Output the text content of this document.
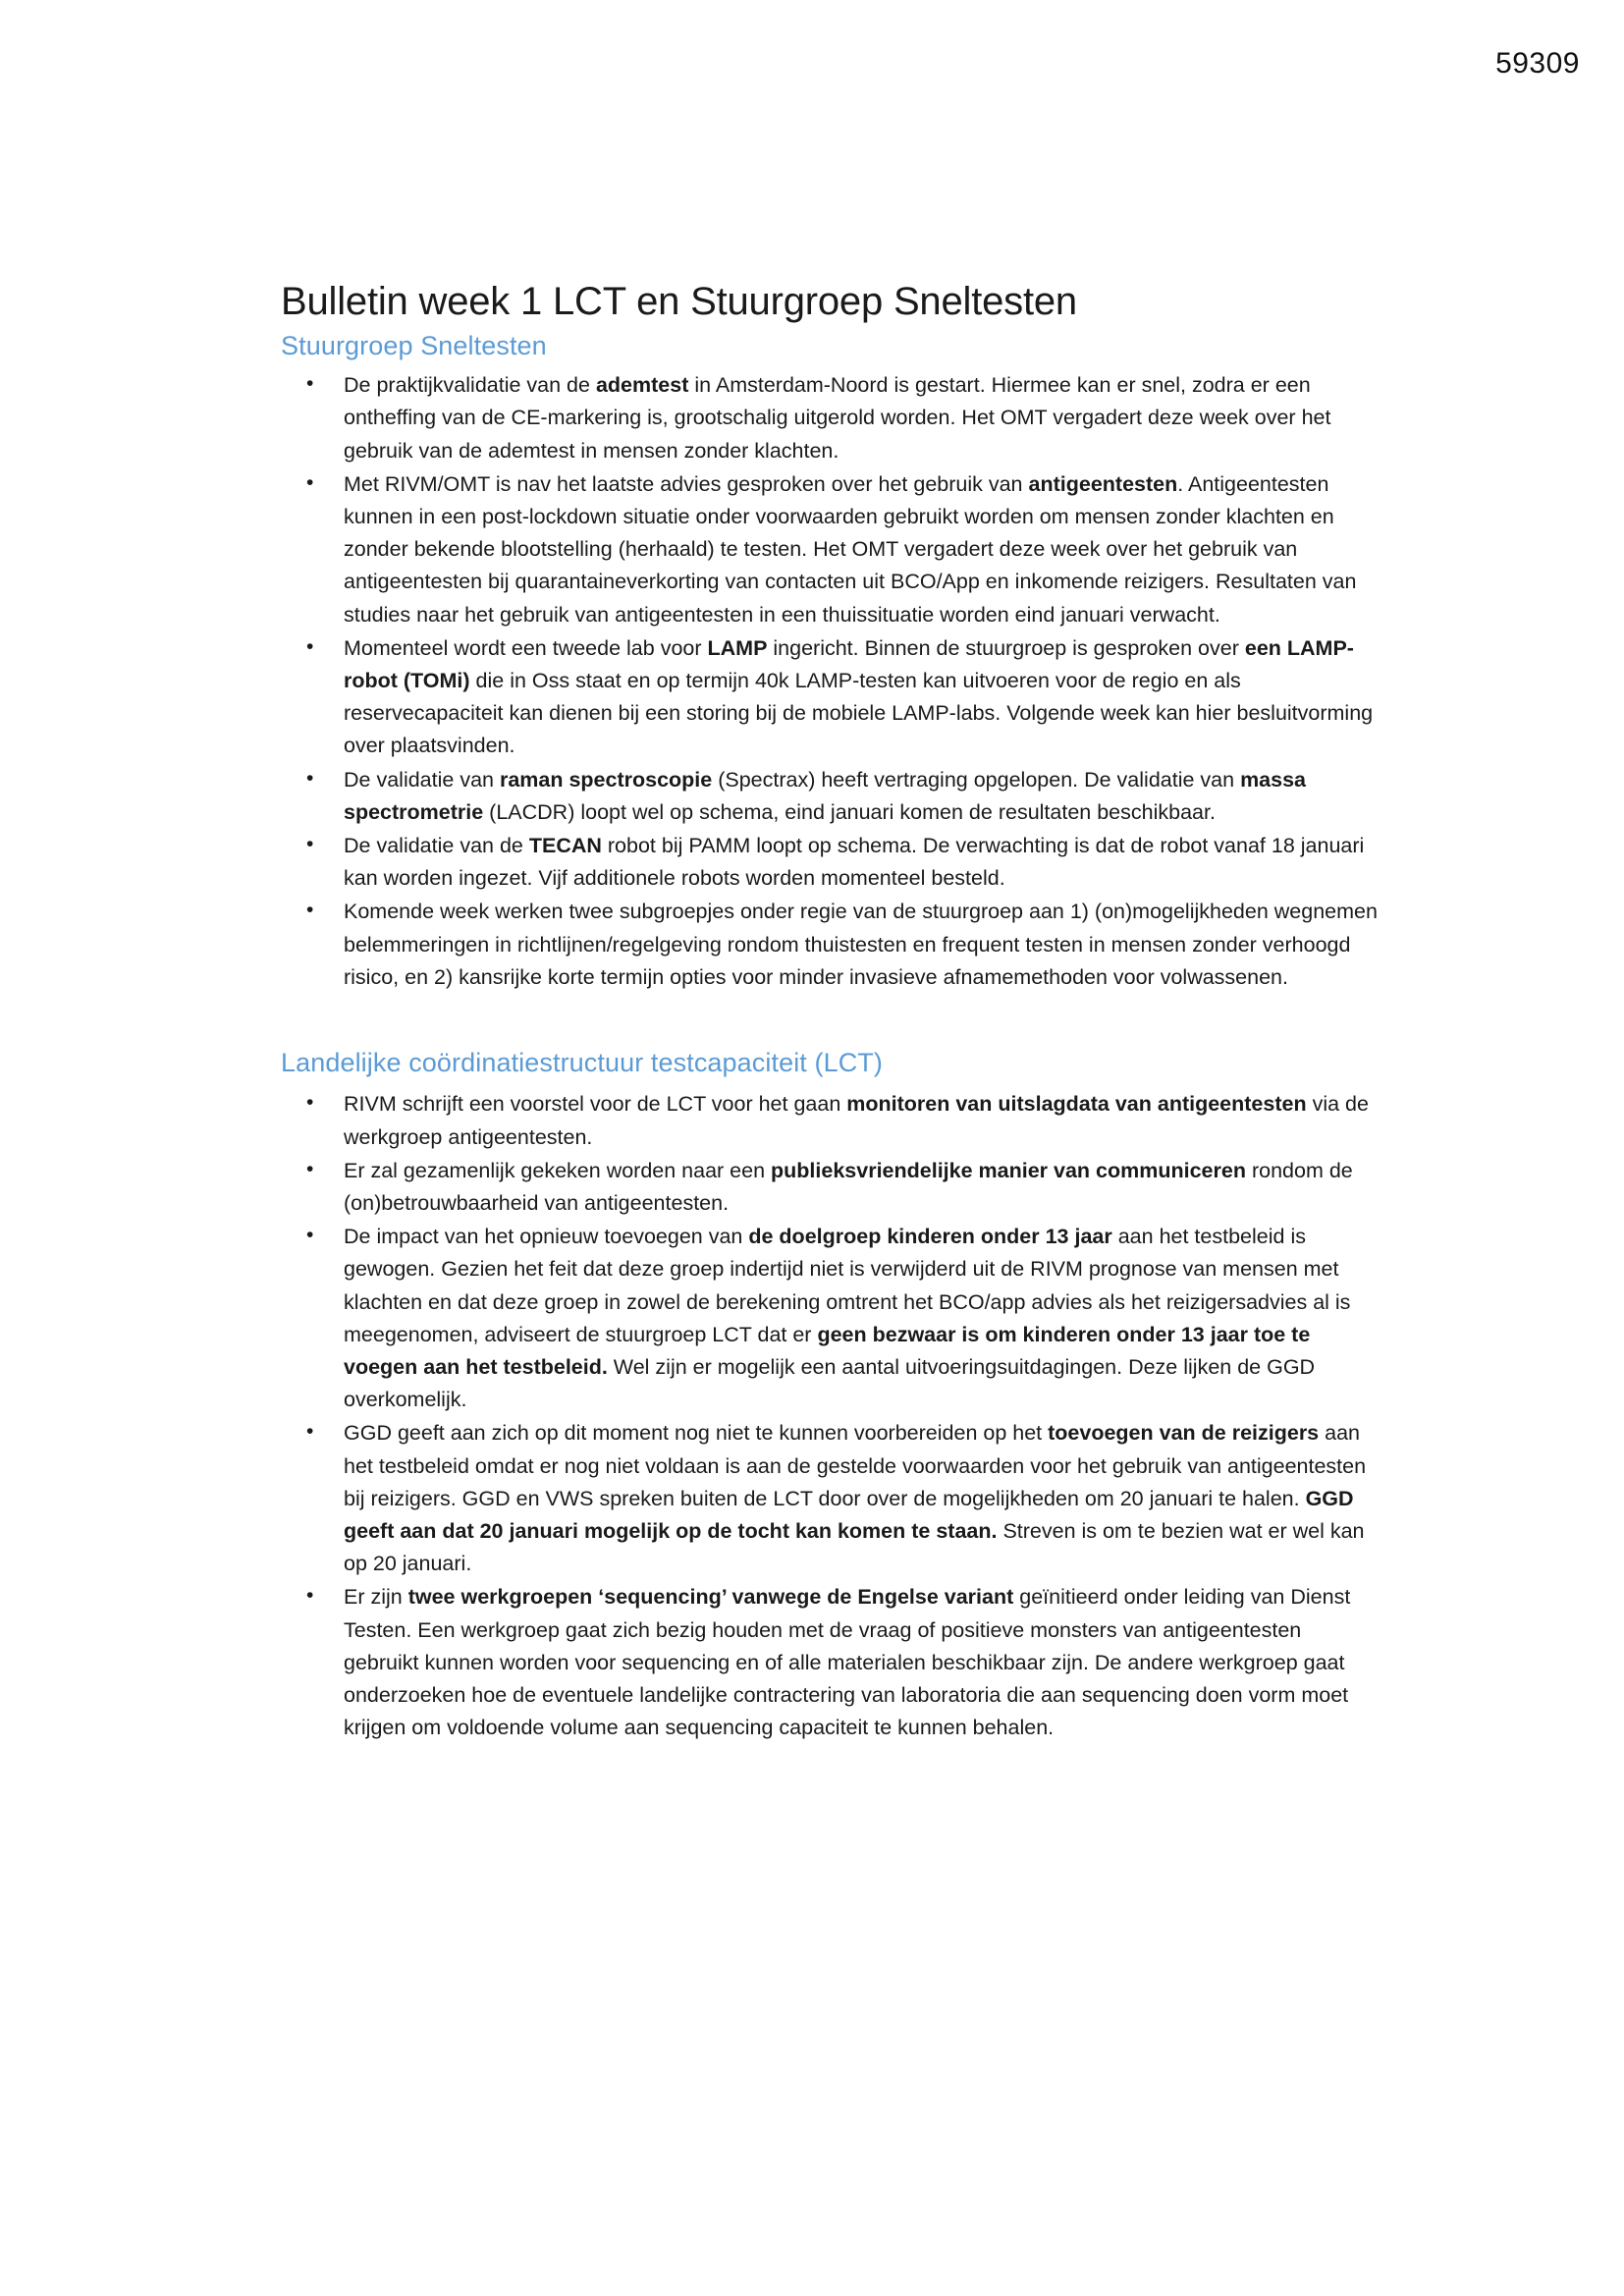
59309
Bulletin week 1 LCT en Stuurgroep Sneltesten
Stuurgroep Sneltesten
• De praktijkvalidatie van de ademtest in Amsterdam-Noord is gestart. Hiermee kan er snel, zodra er een ontheffing van de CE-markering is, grootschalig uitgerold worden. Het OMT vergadert deze week over het gebruik van de ademtest in mensen zonder klachten.
• Met RIVM/OMT is nav het laatste advies gesproken over het gebruik van antigeentesten. Antigeentesten kunnen in een post-lockdown situatie onder voorwaarden gebruikt worden om mensen zonder klachten en zonder bekende blootstelling (herhaald) te testen. Het OMT vergadert deze week over het gebruik van antigeentesten bij quarantaineverkorting van contacten uit BCO/App en inkomende reizigers. Resultaten van studies naar het gebruik van antigeentesten in een thuissituatie worden eind januari verwacht.
• Momenteel wordt een tweede lab voor LAMP ingericht. Binnen de stuurgroep is gesproken over een LAMP-robot (TOMi) die in Oss staat en op termijn 40k LAMP-testen kan uitvoeren voor de regio en als reservecapaciteit kan dienen bij een storing bij de mobiele LAMP-labs. Volgende week kan hier besluitvorming over plaatsvinden.
• De validatie van raman spectroscopie (Spectrax) heeft vertraging opgelopen. De validatie van massa spectrometrie (LACDR) loopt wel op schema, eind januari komen de resultaten beschikbaar.
• De validatie van de TECAN robot bij PAMM loopt op schema. De verwachting is dat de robot vanaf 18 januari kan worden ingezet. Vijf additionele robots worden momenteel besteld.
• Komende week werken twee subgroepjes onder regie van de stuurgroep aan 1) (on)mogelijkheden wegnemen belemmeringen in richtlijnen/regelgeving rondom thuistesten en frequent testen in mensen zonder verhoogd risico, en 2) kansrijke korte termijn opties voor minder invasieve afnamemethoden voor volwassenen.
Landelijke coördinatiestructuur testcapaciteit (LCT)
• RIVM schrijft een voorstel voor de LCT voor het gaan monitoren van uitslagdata van antigeentesten via de werkgroep antigeentesten.
• Er zal gezamenlijk gekeken worden naar een publieksvriendelijke manier van communiceren rondom de (on)betrouwbaarheid van antigeentesten.
• De impact van het opnieuw toevoegen van de doelgroep kinderen onder 13 jaar aan het testbeleid is gewogen. Gezien het feit dat deze groep indertijd niet is verwijderd uit de RIVM prognose van mensen met klachten en dat deze groep in zowel de berekening omtrent het BCO/app advies als het reizigersadvies al is meegenomen, adviseert de stuurgroep LCT dat er geen bezwaar is om kinderen onder 13 jaar toe te voegen aan het testbeleid. Wel zijn er mogelijk een aantal uitvoeringsuitdagingen. Deze lijken de GGD overkomelijk.
• GGD geeft aan zich op dit moment nog niet te kunnen voorbereiden op het toevoegen van de reizigers aan het testbeleid omdat er nog niet voldaan is aan de gestelde voorwaarden voor het gebruik van antigeentesten bij reizigers. GGD en VWS spreken buiten de LCT door over de mogelijkheden om 20 januari te halen. GGD geeft aan dat 20 januari mogelijk op de tocht kan komen te staan. Streven is om te bezien wat er wel kan op 20 januari.
• Er zijn twee werkgroepen ‘sequencing’ vanwege de Engelse variant geïnitieerd onder leiding van Dienst Testen. Een werkgroep gaat zich bezig houden met de vraag of positieve monsters van antigeentesten gebruikt kunnen worden voor sequencing en of alle materialen beschikbaar zijn. De andere werkgroep gaat onderzoeken hoe de eventuele landelijke contractering van laboratoria die aan sequencing doen vorm moet krijgen om voldoende volume aan sequencing capaciteit te kunnen behalen.
